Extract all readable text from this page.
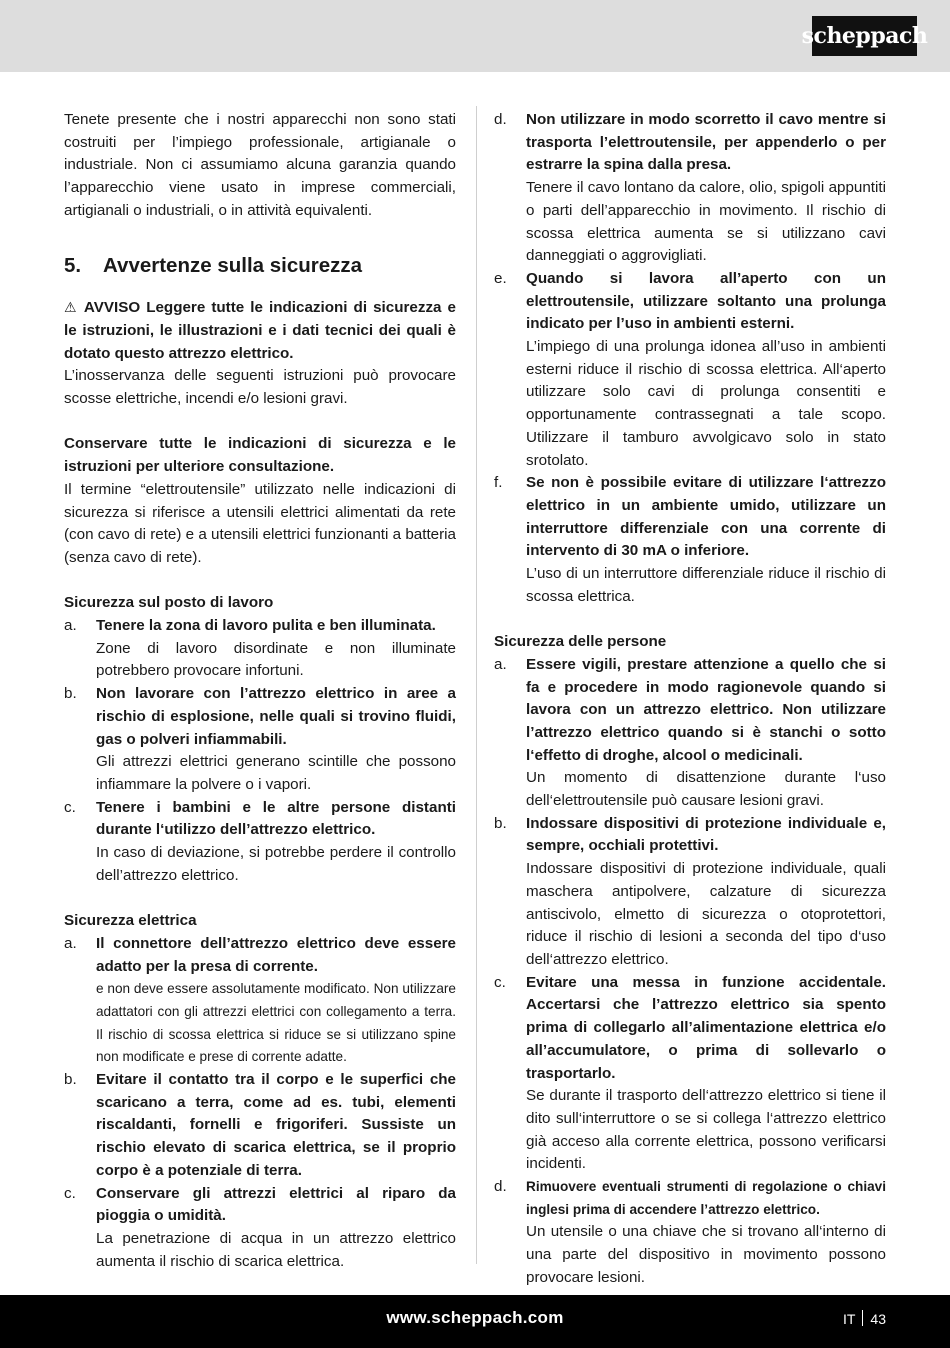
scheppach

Tenete presente che i nostri apparecchi non sono stati costruiti per l’impiego professionale, artigianale o industriale. Non ci assumiamo alcuna garanzia quando l’apparecchio viene usato in imprese commerciali, artigianali o industriali, o in attività equivalenti.

5.	Avvertenze sulla sicurezza

⚠ AVVISO Leggere tutte le indicazioni di sicurezza e le istruzioni, le illustrazioni e i dati tecnici dei quali è dotato questo attrezzo elettrico.

L’inosservanza delle seguenti istruzioni può provocare scosse elettriche, incendi e/o lesioni gravi.

Conservare tutte le indicazioni di sicurezza e le istruzioni per ulteriore consultazione.

Il termine “elettroutensile” utilizzato nelle indicazioni di sicurezza si riferisce a utensili elettrici alimentati da rete (con cavo di rete) e a utensili elettrici funzionanti a batteria (senza cavo di rete).

Sicurezza sul posto di lavoro

a.	Tenere la zona di lavoro pulita e ben illuminata.

Zone di lavoro disordinate e non illuminate potrebbero provocare infortuni.

b.	Non lavorare con l’attrezzo elettrico in aree a rischio di esplosione, nelle quali si trovino fluidi, gas o polveri infiammabili.

Gli attrezzi elettrici generano scintille che possono infiammare la polvere o i vapori.

c.	Tenere i bambini e le altre persone distanti durante l‘utilizzo dell’attrezzo elettrico.

In caso di deviazione, si potrebbe perdere il controllo dell’attrezzo elettrico.

Sicurezza elettrica

a.	Il connettore dell’attrezzo elettrico deve essere adatto per la presa di corrente.

e non deve essere assolutamente modificato. Non utilizzare adattatori con gli attrezzi elettrici con collegamento a terra. Il rischio di scossa elettrica si riduce se si utilizzano spine non modificate e prese di corrente adatte.

b.	Evitare il contatto tra il corpo e le superfici che scaricano a terra, come ad es. tubi, elementi riscaldanti, fornelli e frigoriferi. Sussiste un rischio elevato di scarica elettrica, se il proprio corpo è a potenziale di terra.

c.	Conservare gli attrezzi elettrici al riparo da pioggia o umidità.

La penetrazione di acqua in un attrezzo elettrico aumenta il rischio di scarica elettrica.

d.	Non utilizzare in modo scorretto il cavo mentre si trasporta l’elettroutensile, per appenderlo o per estrarre la spina dalla presa.

Tenere il cavo lontano da calore, olio, spigoli appuntiti o parti dell’apparecchio in movimento. Il rischio di scossa elettrica aumenta se si utilizzano cavi danneggiati o aggrovigliati.

e.	Quando si lavora all’aperto con un elettroutensile, utilizzare soltanto una prolunga indicato per l’uso in ambienti esterni.

L’impiego di una prolunga idonea all’uso in ambienti esterni riduce il rischio di scossa elettrica. All‘aperto utilizzare solo cavi di prolunga consentiti e opportunamente contrassegnati a tale scopo. Utilizzare il tamburo avvolgicavo solo in stato srotolato.

f.	Se non è possibile evitare di utilizzare l‘attrezzo elettrico in un ambiente umido, utilizzare un interruttore differenziale con una corrente di intervento di 30 mA o inferiore.

L’uso di un interruttore differenziale riduce il rischio di scossa elettrica.

Sicurezza delle persone

a.	Essere vigili, prestare attenzione a quello che si fa e procedere in modo ragionevole quando si lavora con un attrezzo elettrico. Non utilizzare l’attrezzo elettrico quando si è stanchi o sotto l‘effetto di droghe, alcool o medicinali.

Un momento di disattenzione durante l‘uso dell‘elettroutensile può causare lesioni gravi.

b.	Indossare dispositivi di protezione individuale e, sempre, occhiali protettivi.

Indossare dispositivi di protezione individuale, quali maschera antipolvere, calzature di sicurezza antiscivolo, elmetto di sicurezza o otoprotettori, riduce il rischio di lesioni a seconda del tipo d‘uso dell‘attrezzo elettrico.

c.	Evitare una messa in funzione accidentale. Accertarsi che l’attrezzo elettrico sia spento prima di collegarlo all’alimentazione elettrica e/o all’accumulatore, o prima di sollevarlo o trasportarlo.

Se durante il trasporto dell‘attrezzo elettrico si tiene il dito sull‘interruttore o se si collega l‘attrezzo elettrico già acceso alla corrente elettrica, possono verificarsi incidenti.

d.	Rimuovere eventuali strumenti di regolazione o chiavi inglesi prima di accendere l’attrezzo elettrico.

Un utensile o una chiave che si trovano all‘interno di una parte del dispositivo in movimento possono provocare lesioni.

www.scheppach.com	IT 43
